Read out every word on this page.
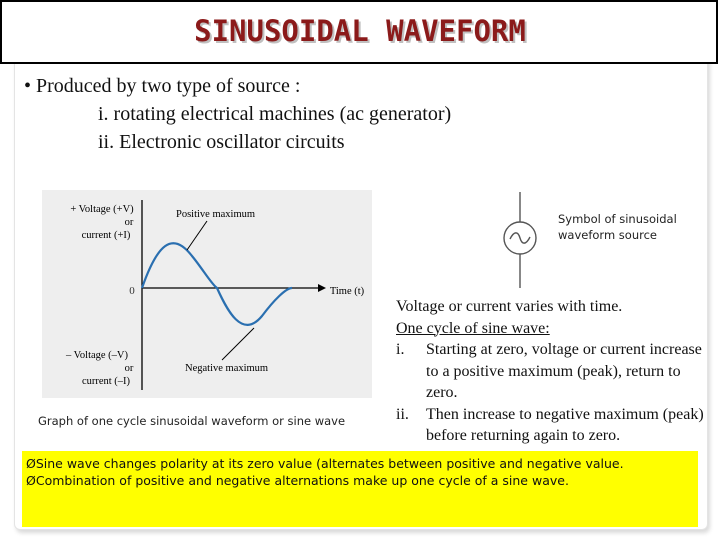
SINUSOIDAL WAVEFORM
• Produced by two type of source :
i. rotating electrical machines (ac generator)
ii. Electronic oscillator circuits
+ Voltage (+V)
or
current (+I)
0	Time (t)
Positive maximum
Negative maximum
– Voltage (–V)
or
current (–I)
Graph of one cycle sinusoidal waveform or sine wave
Symbol of sinusoidal waveform source
Voltage or current varies with time.
One cycle of sine wave:
i.	Starting at zero, voltage or current increase to a positive maximum (peak), return to zero.
ii.	Then increase to negative maximum (peak) before returning again to zero.
ØSine wave changes polarity at its zero value (alternates between positive and negative value.
ØCombination of positive and negative alternations make up one cycle of a sine wave.
